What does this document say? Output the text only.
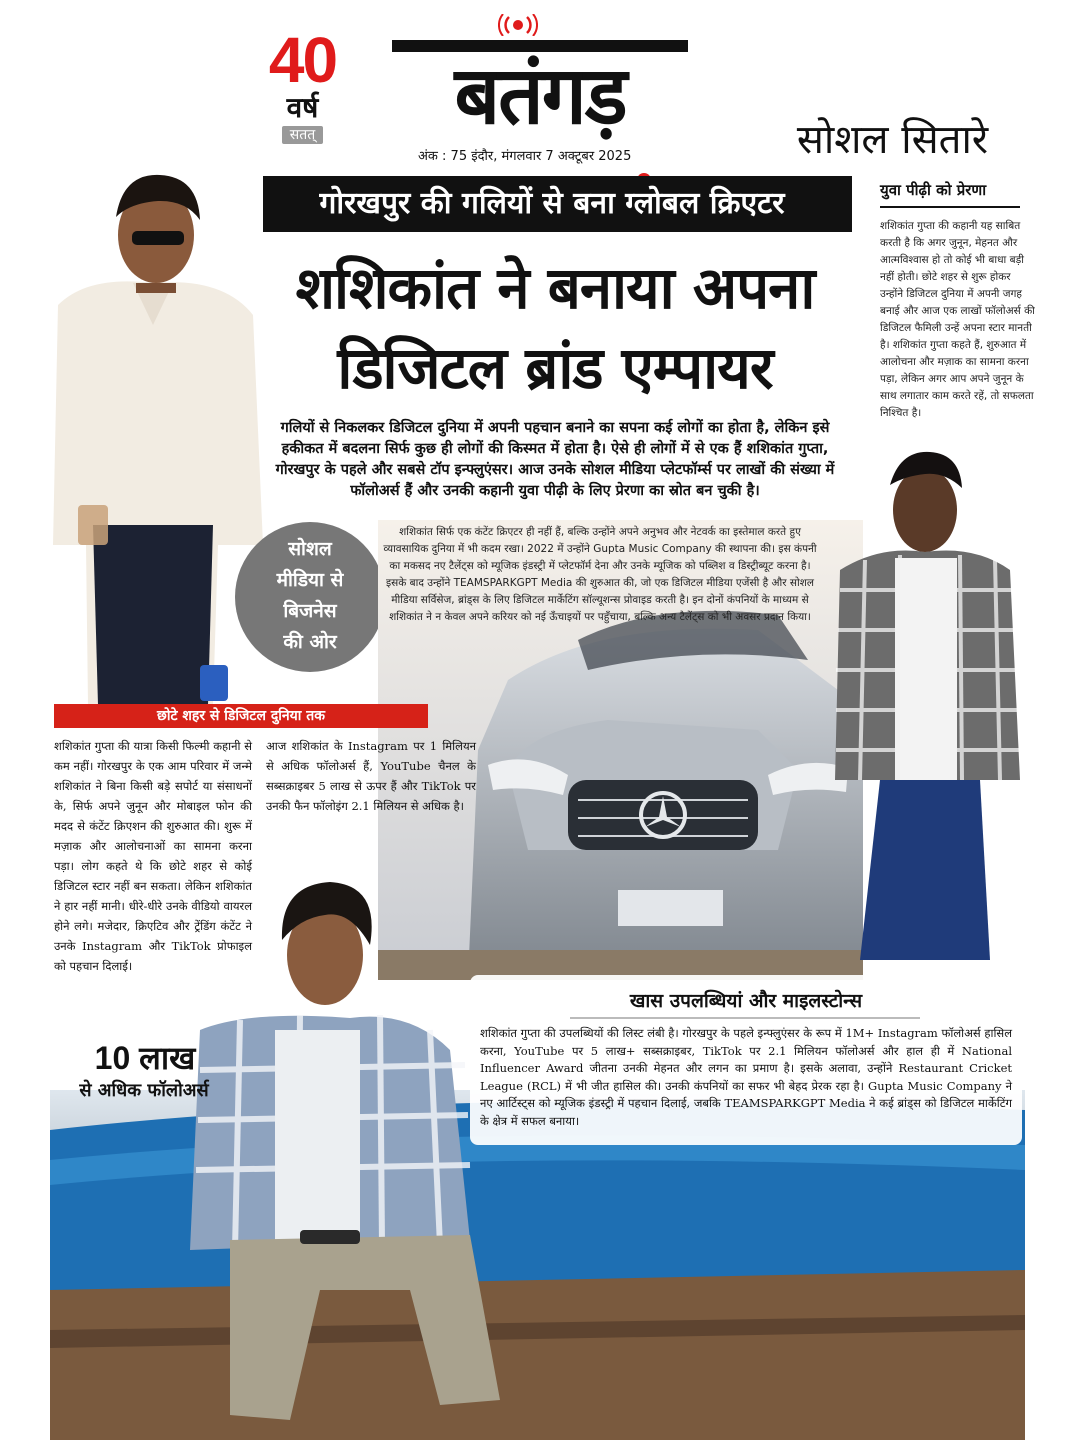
40
वर्ष
सतत्	बतंगड़
अंक : 75 इंदौर, मंगलवार 7 अक्टूबर 2025	सोशल सितारे
गोरखपुर की गलियों से बना ग्लोबल क्रिएटर
शशिकांत ने बनाया अपना
डिजिटल ब्रांड एम्पायर
गलियों से निकलकर डिजिटल दुनिया में अपनी पहचान बनाने का सपना कई लोगों का होता है, लेकिन इसे हकीकत में बदलना सिर्फ कुछ ही लोगों की किस्मत में होता है। ऐसे ही लोगों में से एक हैं शशिकांत गुप्ता, गोरखपुर के पहले और सबसे टॉप इन्फ्लुएंसर। आज उनके सोशल मीडिया प्लेटफॉर्म्स पर लाखों की संख्या में फॉलोअर्स हैं और उनकी कहानी युवा पीढ़ी के लिए प्रेरणा का स्रोत बन चुकी है।
युवा पीढ़ी को प्रेरणा

शशिकांत गुप्ता की कहानी यह साबित करती है कि अगर जुनून, मेहनत और आत्मविश्वास हो तो कोई भी बाधा बड़ी नहीं होती। छोटे शहर से शुरू होकर उन्होंने डिजिटल दुनिया में अपनी जगह बनाई और आज एक लाखों फॉलोअर्स की डिजिटल फैमिली उन्हें अपना स्टार मानती है। शशिकांत गुप्ता कहते हैं, शुरुआत में आलोचना और मज़ाक का सामना करना पड़ा, लेकिन अगर आप अपने जुनून के साथ लगातार काम करते रहें, तो सफलता निश्चित है।

सोशल
मीडिया से
बिजनेस
की ओर
शशिकांत सिर्फ एक कंटेंट क्रिएटर ही नहीं हैं, बल्कि उन्होंने अपने अनुभव और नेटवर्क का इस्तेमाल करते हुए व्यावसायिक दुनिया में भी कदम रखा। 2022 में उन्होंने Gupta Music Company की स्थापना की। इस कंपनी का मकसद नए टैलेंट्स को म्यूजिक इंडस्ट्री में प्लेटफॉर्म देना और उनके म्यूजिक को पब्लिश व डिस्ट्रीब्यूट करना है। इसके बाद उन्होंने TEAMSPARKGPT Media की शुरुआत की, जो एक डिजिटल मीडिया एजेंसी है और सोशल मीडिया सर्विसेज, ब्रांड्स के लिए डिजिटल मार्केटिंग सॉल्यूशन्स प्रोवाइड करती है। इन दोनों कंपनियों के माध्यम से शशिकांत ने न केवल अपने करियर को नई ऊँचाइयों पर पहुँचाया, बल्कि अन्य टैलेंट्स को भी अवसर प्रदान किया।
छोटे शहर से डिजिटल दुनिया तक
शशिकांत गुप्ता की यात्रा किसी फिल्मी कहानी से कम नहीं। गोरखपुर के एक आम परिवार में जन्मे शशिकांत ने बिना किसी बड़े सपोर्ट या संसाधनों के, सिर्फ अपने जुनून और मोबाइल फोन की मदद से कंटेंट क्रिएशन की शुरुआत की। शुरू में मज़ाक और आलोचनाओं का सामना करना पड़ा। लोग कहते थे कि छोटे शहर से कोई डिजिटल स्टार नहीं बन सकता। लेकिन शशिकांत ने हार नहीं मानी। धीरे-धीरे उनके वीडियो वायरल होने लगे। मजेदार, क्रिएटिव और ट्रेंडिंग कंटेंट ने उनके Instagram और TikTok प्रोफाइल को पहचान दिलाई।
आज शशिकांत के Instagram पर 1 मिलियन से अधिक फॉलोअर्स हैं, YouTube चैनल के सब्सक्राइबर 5 लाख से ऊपर हैं और TikTok पर उनकी फैन फॉलोइंग 2.1 मिलियन से अधिक है।
10 लाख
से अधिक फॉलोअर्स
खास उपलब्धियां और माइलस्टोन्स

शशिकांत गुप्ता की उपलब्धियों की लिस्ट लंबी है। गोरखपुर के पहले इन्फ्लुएंसर के रूप में 1M+ Instagram फॉलोअर्स हासिल करना, YouTube पर 5 लाख+ सब्सक्राइबर, TikTok पर 2.1 मिलियन फॉलोअर्स और हाल ही में National Influencer Award जीतना उनकी मेहनत और लगन का प्रमाण है। इसके अलावा, उन्होंने Restaurant Cricket League (RCL) में भी जीत हासिल की। उनकी कंपनियों का सफर भी बेहद प्रेरक रहा है। Gupta Music Company ने नए आर्टिस्ट्स को म्यूजिक इंडस्ट्री में पहचान दिलाई, जबकि TEAMSPARKGPT Media ने कई ब्रांड्स को डिजिटल मार्केटिंग के क्षेत्र में सफल बनाया।
